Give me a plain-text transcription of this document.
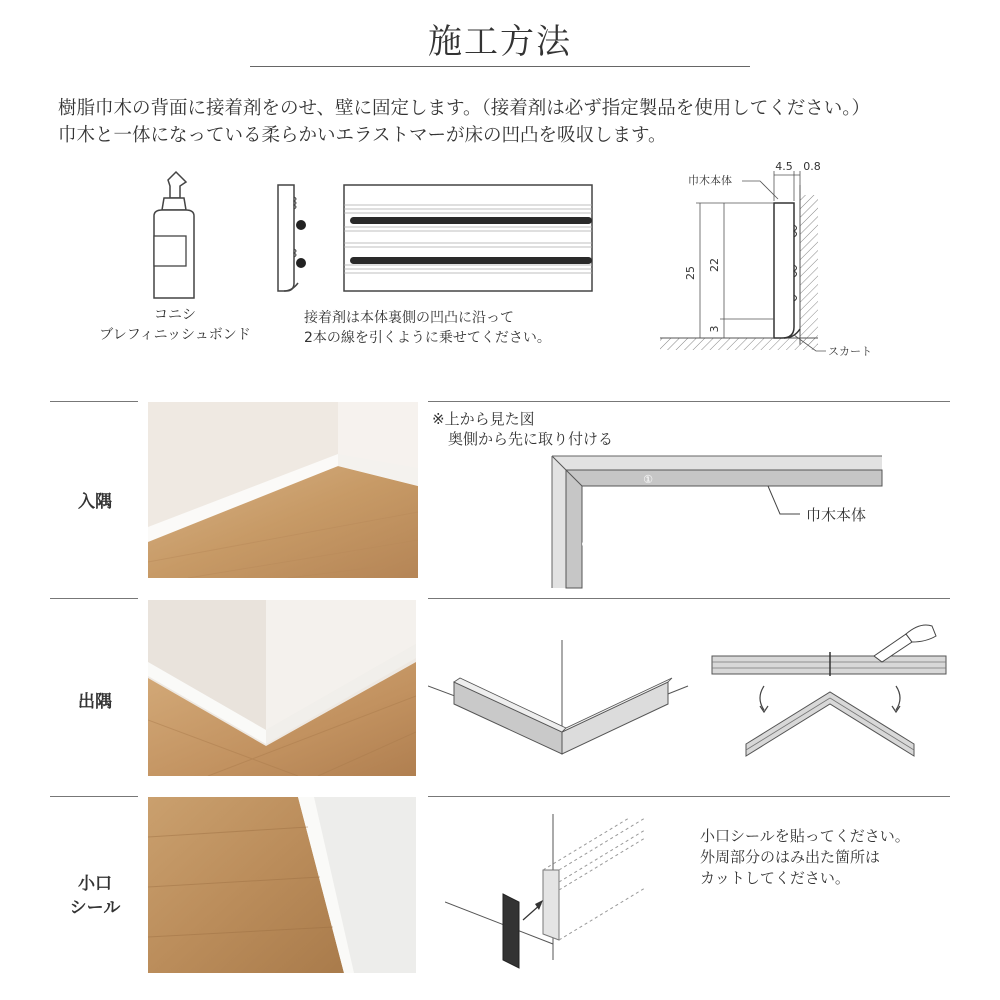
施工方法
樹脂巾木の背面に接着剤をのせ、壁に固定します。（接着剤は必ず指定製品を使用してください。）
巾木と一体になっている柔らかいエラストマーが床の凹凸を吸収します。
コニシ
ブレフィニッシュボンド
接着剤は本体裏側の凹凸に沿って
2本の線を引くように乗せてください。
4.5 0.8
巾木本体
25
22
3
スカート
入隅
※上から見た図
奥側から先に取り付ける
①
②
巾木本体
出隅
小口
シール
小口シールを貼ってください。
外周部分のはみ出た箇所は
カットしてください。
